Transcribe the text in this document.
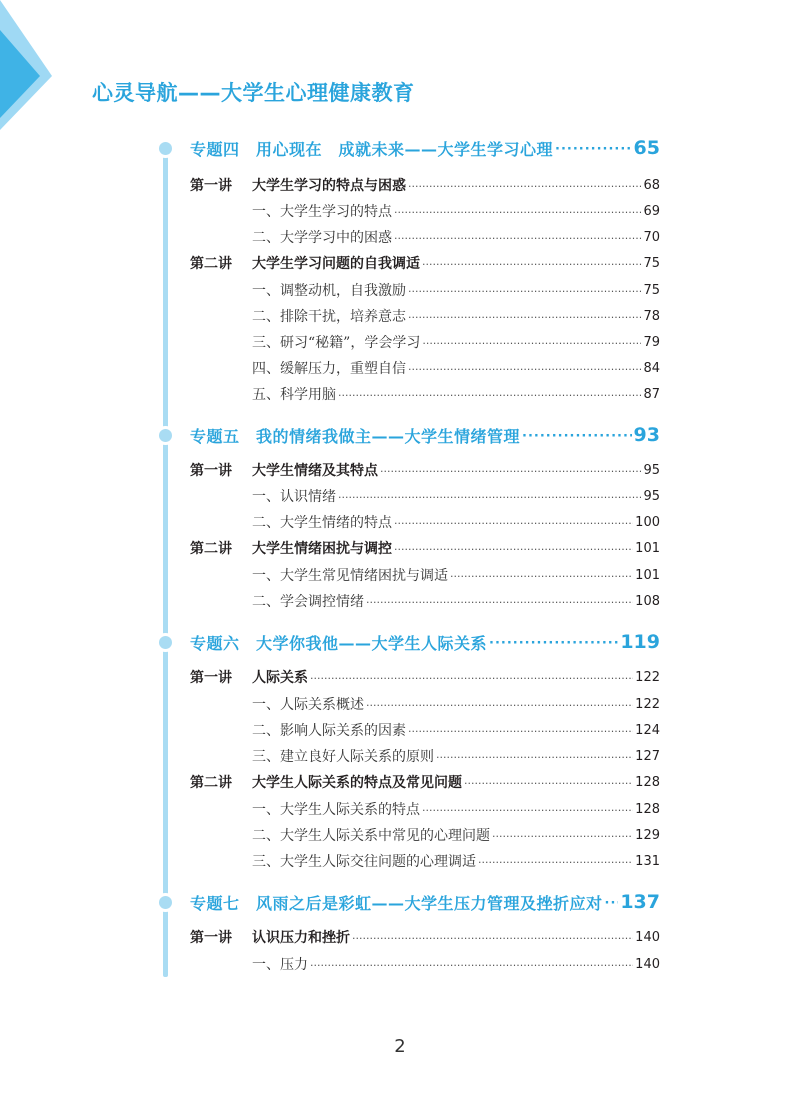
心灵导航——大学生心理健康教育
专题四 用心现在　成就未来——大学生学习心理 ·····	65
第一讲 大学生学习的特点与困惑 ·····	68
一、大学生学习的特点 ·····	69
二、大学学习中的困惑 ·····	70
第二讲 大学生学习问题的自我调适 ·····	75
一、调整动机，自我激励 ·····	75
二、排除干扰，培养意志 ·····	78
三、研习“秘籍”，学会学习 ·····	79
四、缓解压力，重塑自信 ·····	84
五、科学用脑 ·····	87
专题五 我的情绪我做主——大学生情绪管理 ·····	93
第一讲 大学生情绪及其特点 ·····	95
一、认识情绪 ·····	95
二、大学生情绪的特点 ·····	100
第二讲 大学生情绪困扰与调控 ·····	101
一、大学生常见情绪困扰与调适 ·····	101
二、学会调控情绪 ·····	108
专题六 大学你我他——大学生人际关系 ·····	119
第一讲 人际关系 ·····	122
一、人际关系概述 ·····	122
二、影响人际关系的因素 ·····	124
三、建立良好人际关系的原则 ·····	127
第二讲 大学生人际关系的特点及常见问题 ·····	128
一、大学生人际关系的特点 ·····	128
二、大学生人际关系中常见的心理问题 ·····	129
三、大学生人际交往问题的心理调适 ·····	131
专题七 风雨之后是彩虹——大学生压力管理及挫折应对 ····· 137
第一讲 认识压力和挫折 ·····	140
一、压力 ·····	140

2
